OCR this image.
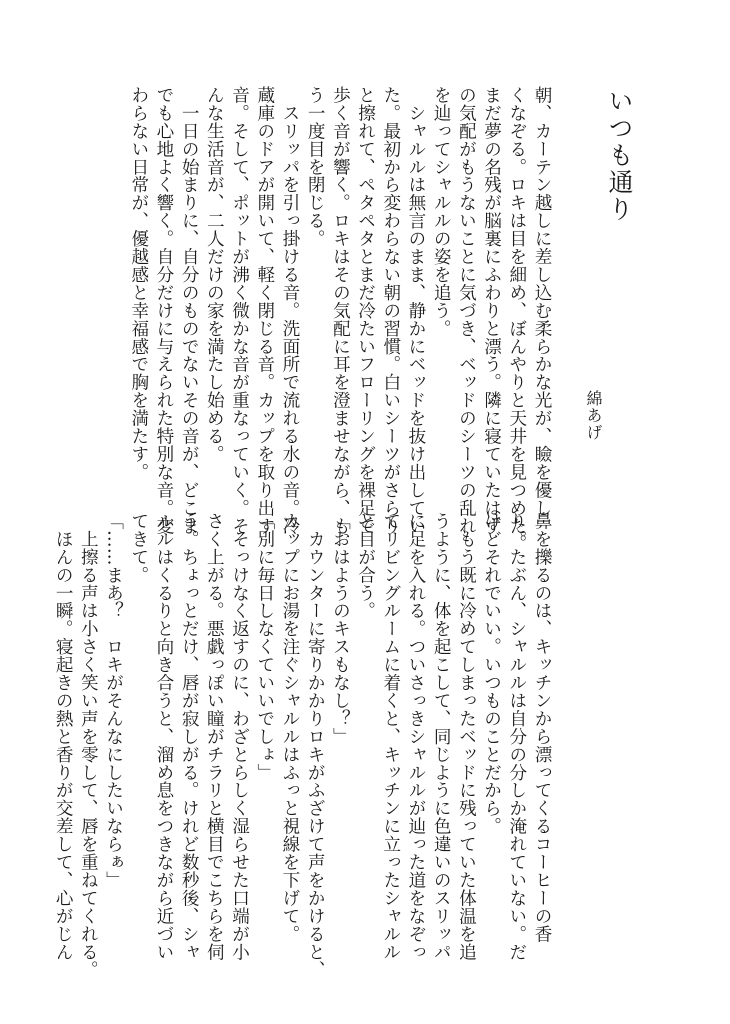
いつも通り
綿あげ
朝、カーテン越しに差し込む柔らかな光が、瞼を優し
くなぞる。ロキは目を細め、ぼんやりと天井を見つめた。
まだ夢の名残が脳裏にふわりと漂う。隣に寝ていたはず
の気配がもうないことに気づき、ベッドのシーツの乱れ
を辿ってシャルルの姿を追う。
　シャルルは無言のまま、静かにベッドを抜け出してい
た。最初から変わらない朝の習慣。白いシーツがさらり
と擦れて、ペタペタとまだ冷たいフローリングを裸足で
歩く音が響く。ロキはその気配に耳を澄ませながら、も
う一度目を閉じる。
　スリッパを引っ掛ける音。洗面所で流れる水の音。冷
蔵庫のドアが開いて、軽く閉じる音。カップを取り出す
音。そして、ポットが沸く微かな音が重なっていく。そ
んな生活音が、二人だけの家を満たし始める。
　一日の始まりに、自分のものでないその音が、どこま
でも心地よく響く。自分だけに与えられた特別な音。変
わらない日常が、優越感と幸福感で胸を満たす。
鼻を擽るのは、キッチンから漂ってくるコーヒーの香
り。たぶん、シャルルは自分の分しか淹れていない。だ
けどそれでいい。いつものことだから。
　もう既に冷めてしまったベッドに残っていた体温を追
うように、体を起こして、同じように色違いのスリッパ
に足を入れる。ついさっきシャルルが辿った道をなぞっ
てリビングルームに着くと、キッチンに立ったシャルル
と目が合う。
「おはようのキスもなし？」
　カウンターに寄りかかりロキがふざけて声をかけると、
カップにお湯を注ぐシャルルはふっと視線を下げて。
「別に毎日しなくていいでしょ」
　そっけなく返すのに、わざとらしく湿らせた口端が小
さく上がる。悪戯っぽい瞳がチラリと横目でこちらを伺
う。ちょっとだけ、唇が寂しがる。けれど数秒後、シャ
ルルはくるりと向き合うと、溜め息をつきながら近づい
てきて。
「……まあ？　ロキがそんなにしたいならぁ」
　上擦る声は小さく笑い声を零して、唇を重ねてくれる。
　ほんの一瞬。寝起きの熱と香りが交差して、心がじん
